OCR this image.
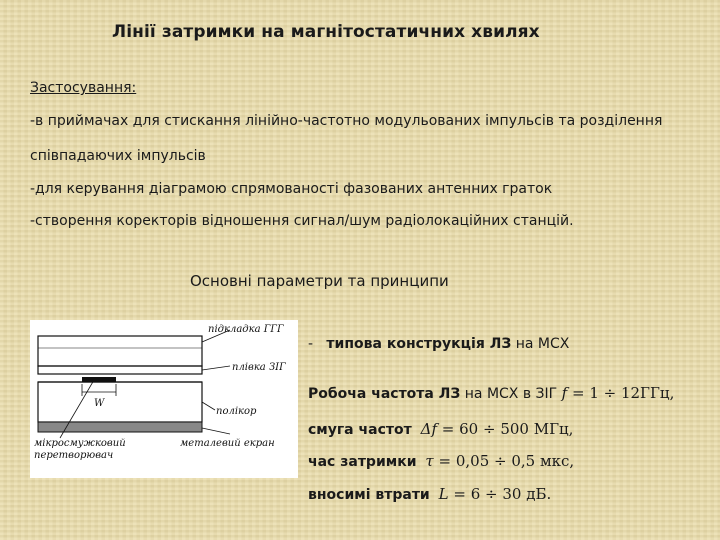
Лінії затримки на магнітостатичних хвилях
Застосування:
-в приймачах для стискання лінійно-частотно модульованих імпульсів та розділення
співпадаючих імпульсів
-для керування діаграмою спрямованості фазованих антенних граток
-створення коректорів відношення сигнал/шум радіолокаційних станцій.
Основні параметри та принципи
підкладка ГГГ
плівка ЗІГ
W
полікор
мікросмужковий
перетворювач
металевий екран
- типова конструкція ЛЗ на МСХ
Робоча частота ЛЗ на МСХ в ЗІГ f = 1 ÷ 12ГГц,
смуга частот Δf = 60 ÷ 500 МГц,
час затримки τ = 0,05 ÷ 0,5 мкс,
вносимі втрати L = 6 ÷ 30 дБ.
